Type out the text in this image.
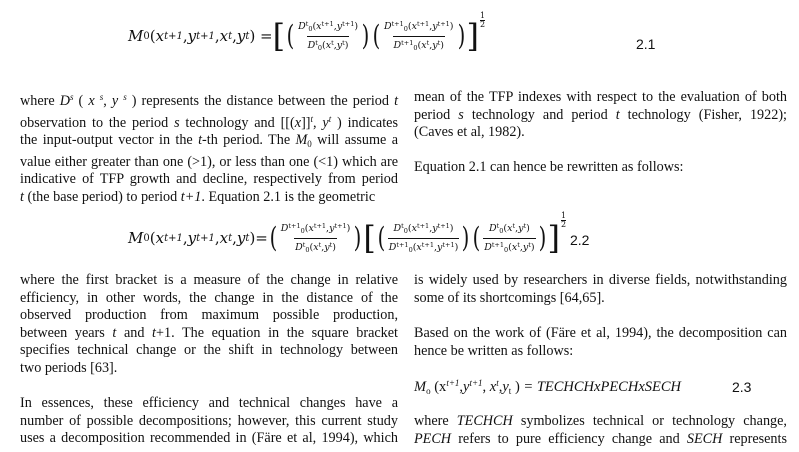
M 0 ( x t+1 , y t+1 , x t , y t ) = [ ( $\frac{D^t_0(x^{t+1},y^{t+1})}{D^t_0(x^t,y^t)}$ ) ( $\frac{D^{t+1}_0(x^{t+1},y^{t+1})}{D^{t+1}_0(x^t,y^t)}$ ) ]
1
2
2.1
where $D^s$ ( x $^s$, y $^s$ ) represents the distance between the period t
observation to the period s technology and [$[(x]]^t$, $y^t$ ) indicates
the input-output vector in the t-th period. The $M_0$ will assume a
value either greater than one (>1), or less than one (<1) which are
indicative of TFP growth and decline, respectively from period
t (the base period) to period t+1. Equation 2.1 is the geometric
mean of the TFP indexes with respect to the evaluation of both
period s technology and period t technology (Fisher, 1922);
(Caves et al, 1982).
Equation 2.1 can hence be rewritten as follows:
M 0 ( x t+1 , y t+1 , x t , y t )= ( $\frac{D^{t+1}_0(x^{t+1},y^{t+1})}{D^t_0(x^t,y^t)}$ ) [ ( $\frac{D^t_0(x^{t+1},y^{t+1})}{D^{t+1}_0(x^{t+1},y^{t+1})}$ ) ( $\frac{D^t_0(x^t,y^t)}{D^{t+1}_0(x^t,y^t)}$ ) ]
1
2
2.2
where the first bracket is a measure of the change in relative
efficiency, in other words, the change in the distance of the
observed production from maximum possible production,
between years t and t+1. The equation in the square bracket
specifies technical change or the shift in technology between
two periods [63].
In essences, these efficiency and technical changes have a
number of possible decompositions; however, this current study
uses a decomposition recommended in (Färe et al, 1994), which
is widely used by researchers in diverse fields, notwithstanding
some of its shortcomings [64,65].
Based on the work of (Färe et al, 1994), the decomposition can
hence be written as follows:
$M_o$ ($x^{t+1},y^{t+1}$, $x^t,y_t$ ) = TECHCHxPECHxSECH	2.3
where TECHCH symbolizes technical or technology change,
PECH refers to pure efficiency change and SECH represents
